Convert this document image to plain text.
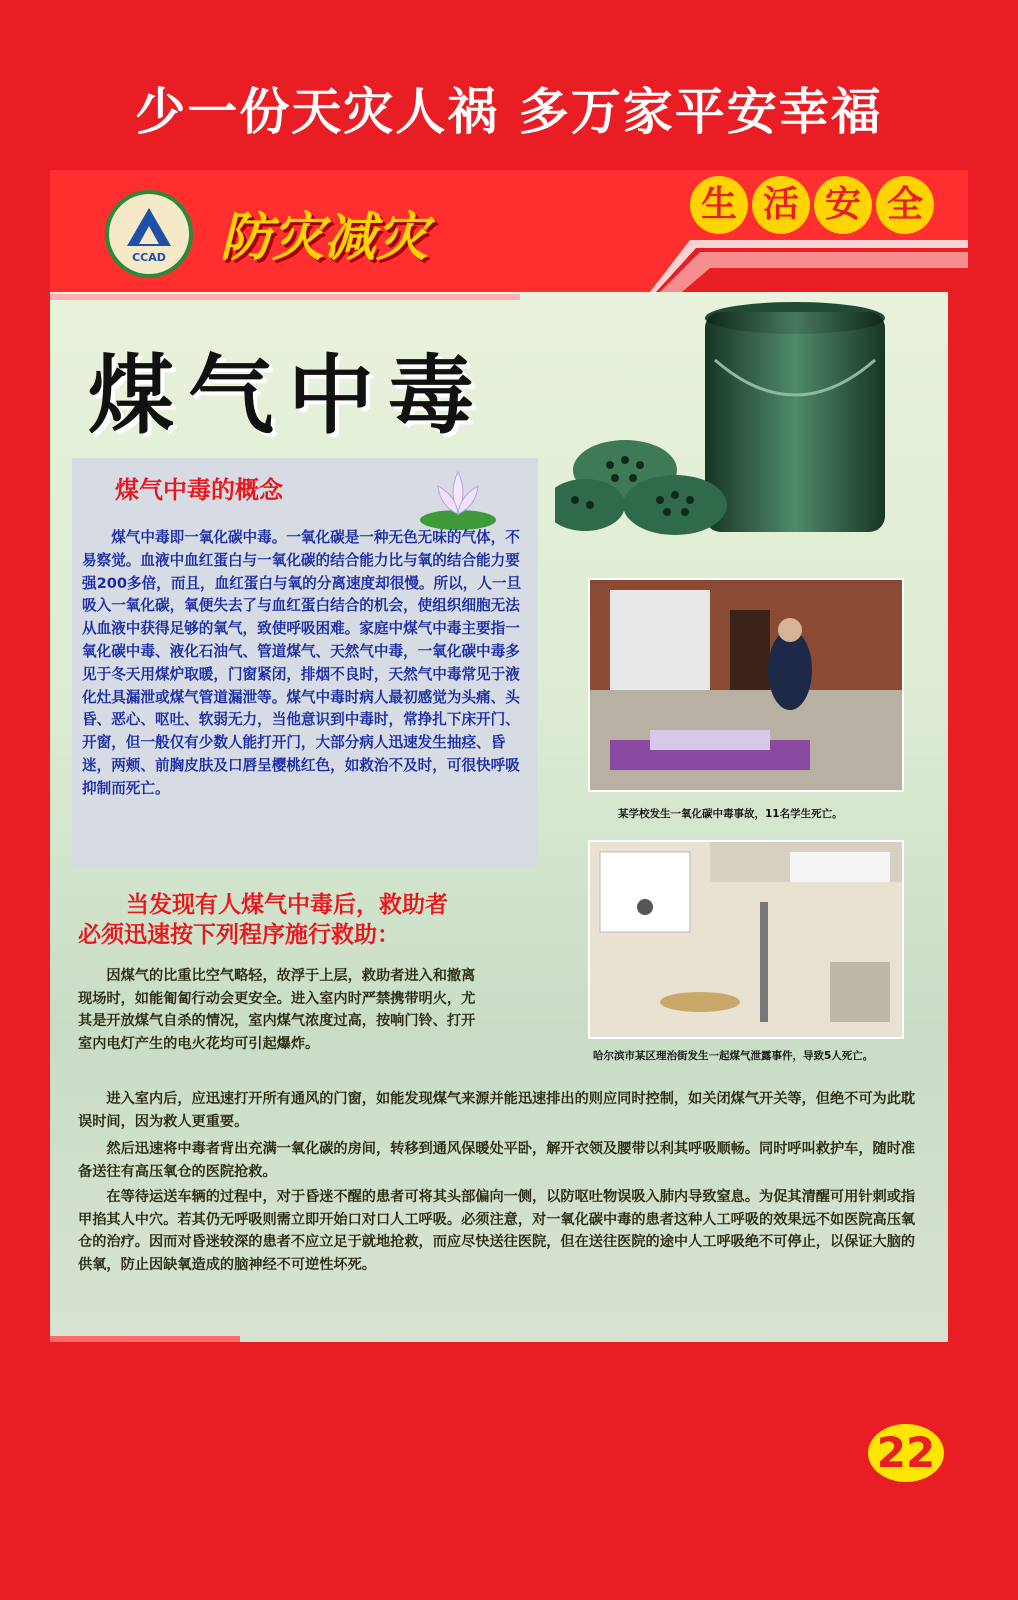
少一份天灾人祸 多万家平安幸福
CCAD	防灾减灾
生 活 安 全
煤气中毒
煤气中毒的概念

煤气中毒即一氧化碳中毒。一氧化碳是一种无色无味的气体，不易察觉。血液中血红蛋白与一氧化碳的结合能力比与氧的结合能力要强200多倍，而且，血红蛋白与氧的分离速度却很慢。所以，人一旦吸入一氧化碳，氧便失去了与血红蛋白结合的机会，使组织细胞无法从血液中获得足够的氧气，致使呼吸困难。家庭中煤气中毒主要指一氧化碳中毒、液化石油气、管道煤气、天然气中毒，一氧化碳中毒多见于冬天用煤炉取暖，门窗紧闭，排烟不良时，天然气中毒常见于液化灶具漏泄或煤气管道漏泄等。煤气中毒时病人最初感觉为头痛、头昏、恶心、呕吐、软弱无力，当他意识到中毒时，常挣扎下床开门、开窗，但一般仅有少数人能打开门，大部分病人迅速发生抽痉、昏迷，两颊、前胸皮肤及口唇呈樱桃红色，如救治不及时，可很快呼吸抑制而死亡。

某学校发生一氧化碳中毒事故，11名学生死亡。
哈尔滨市某区理治街发生一起煤气泄露事件，导致5人死亡。
当发现有人煤气中毒后，救助者
必须迅速按下列程序施行救助：

因煤气的比重比空气略轻，故浮于上层，救助者进入和撤离现场时，如能匍匐行动会更安全。进入室内时严禁携带明火，尤其是开放煤气自杀的情况，室内煤气浓度过高，按响门铃、打开室内电灯产生的电火花均可引起爆炸。

进入室内后，应迅速打开所有通风的门窗，如能发现煤气来源并能迅速排出的则应同时控制，如关闭煤气开关等，但绝不可为此耽误时间，因为救人更重要。

然后迅速将中毒者背出充满一氧化碳的房间，转移到通风保暖处平卧，解开衣领及腰带以利其呼吸顺畅。同时呼叫救护车，随时准备送往有高压氧仓的医院抢救。

在等待运送车辆的过程中，对于昏迷不醒的患者可将其头部偏向一侧，以防呕吐物误吸入肺内导致窒息。为促其清醒可用针刺或指甲掐其人中穴。若其仍无呼吸则需立即开始口对口人工呼吸。必须注意，对一氧化碳中毒的患者这种人工呼吸的效果远不如医院高压氧仓的治疗。因而对昏迷较深的患者不应立足于就地抢救，而应尽快送往医院，但在送往医院的途中人工呼吸绝不可停止，以保证大脑的供氧，防止因缺氧造成的脑神经不可逆性坏死。

22
